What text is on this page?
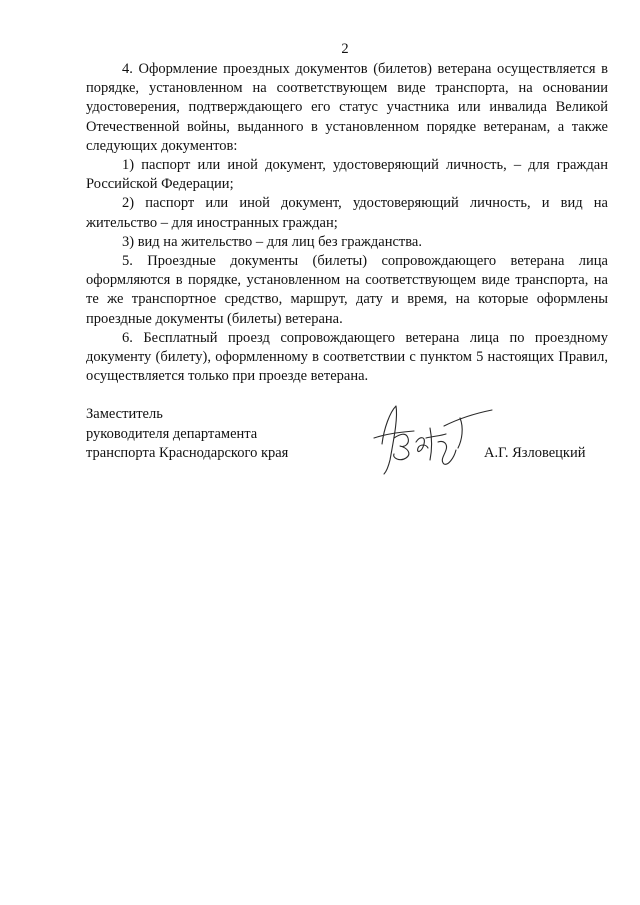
2

4. Оформление проездных документов (билетов) ветерана осуществляется в порядке, установленном на соответствующем виде транспорта, на основании удостоверения, подтверждающего его статус участника или инвалида Великой Отечественной войны, выданного в установленном порядке ветеранам, а также следующих документов:

1) паспорт или иной документ, удостоверяющий личность, – для граждан Российской Федерации;

2) паспорт или иной документ, удостоверяющий личность, и вид на жительство – для иностранных граждан;

3) вид на жительство – для лиц без гражданства.

5. Проездные документы (билеты) сопровождающего ветерана лица оформляются в порядке, установленном на соответствующем виде транспорта, на те же транспортное средство, маршрут, дату и время, на которые оформлены проездные документы (билеты) ветерана.

6. Бесплатный проезд сопровождающего ветерана лица по проездному документу (билету), оформленному в соответствии с пунктом 5 настоящих Правил, осуществляется только при проезде ветерана.

Заместитель
руководителя департамента
транспорта Краснодарского края	А.Г. Язловецкий
